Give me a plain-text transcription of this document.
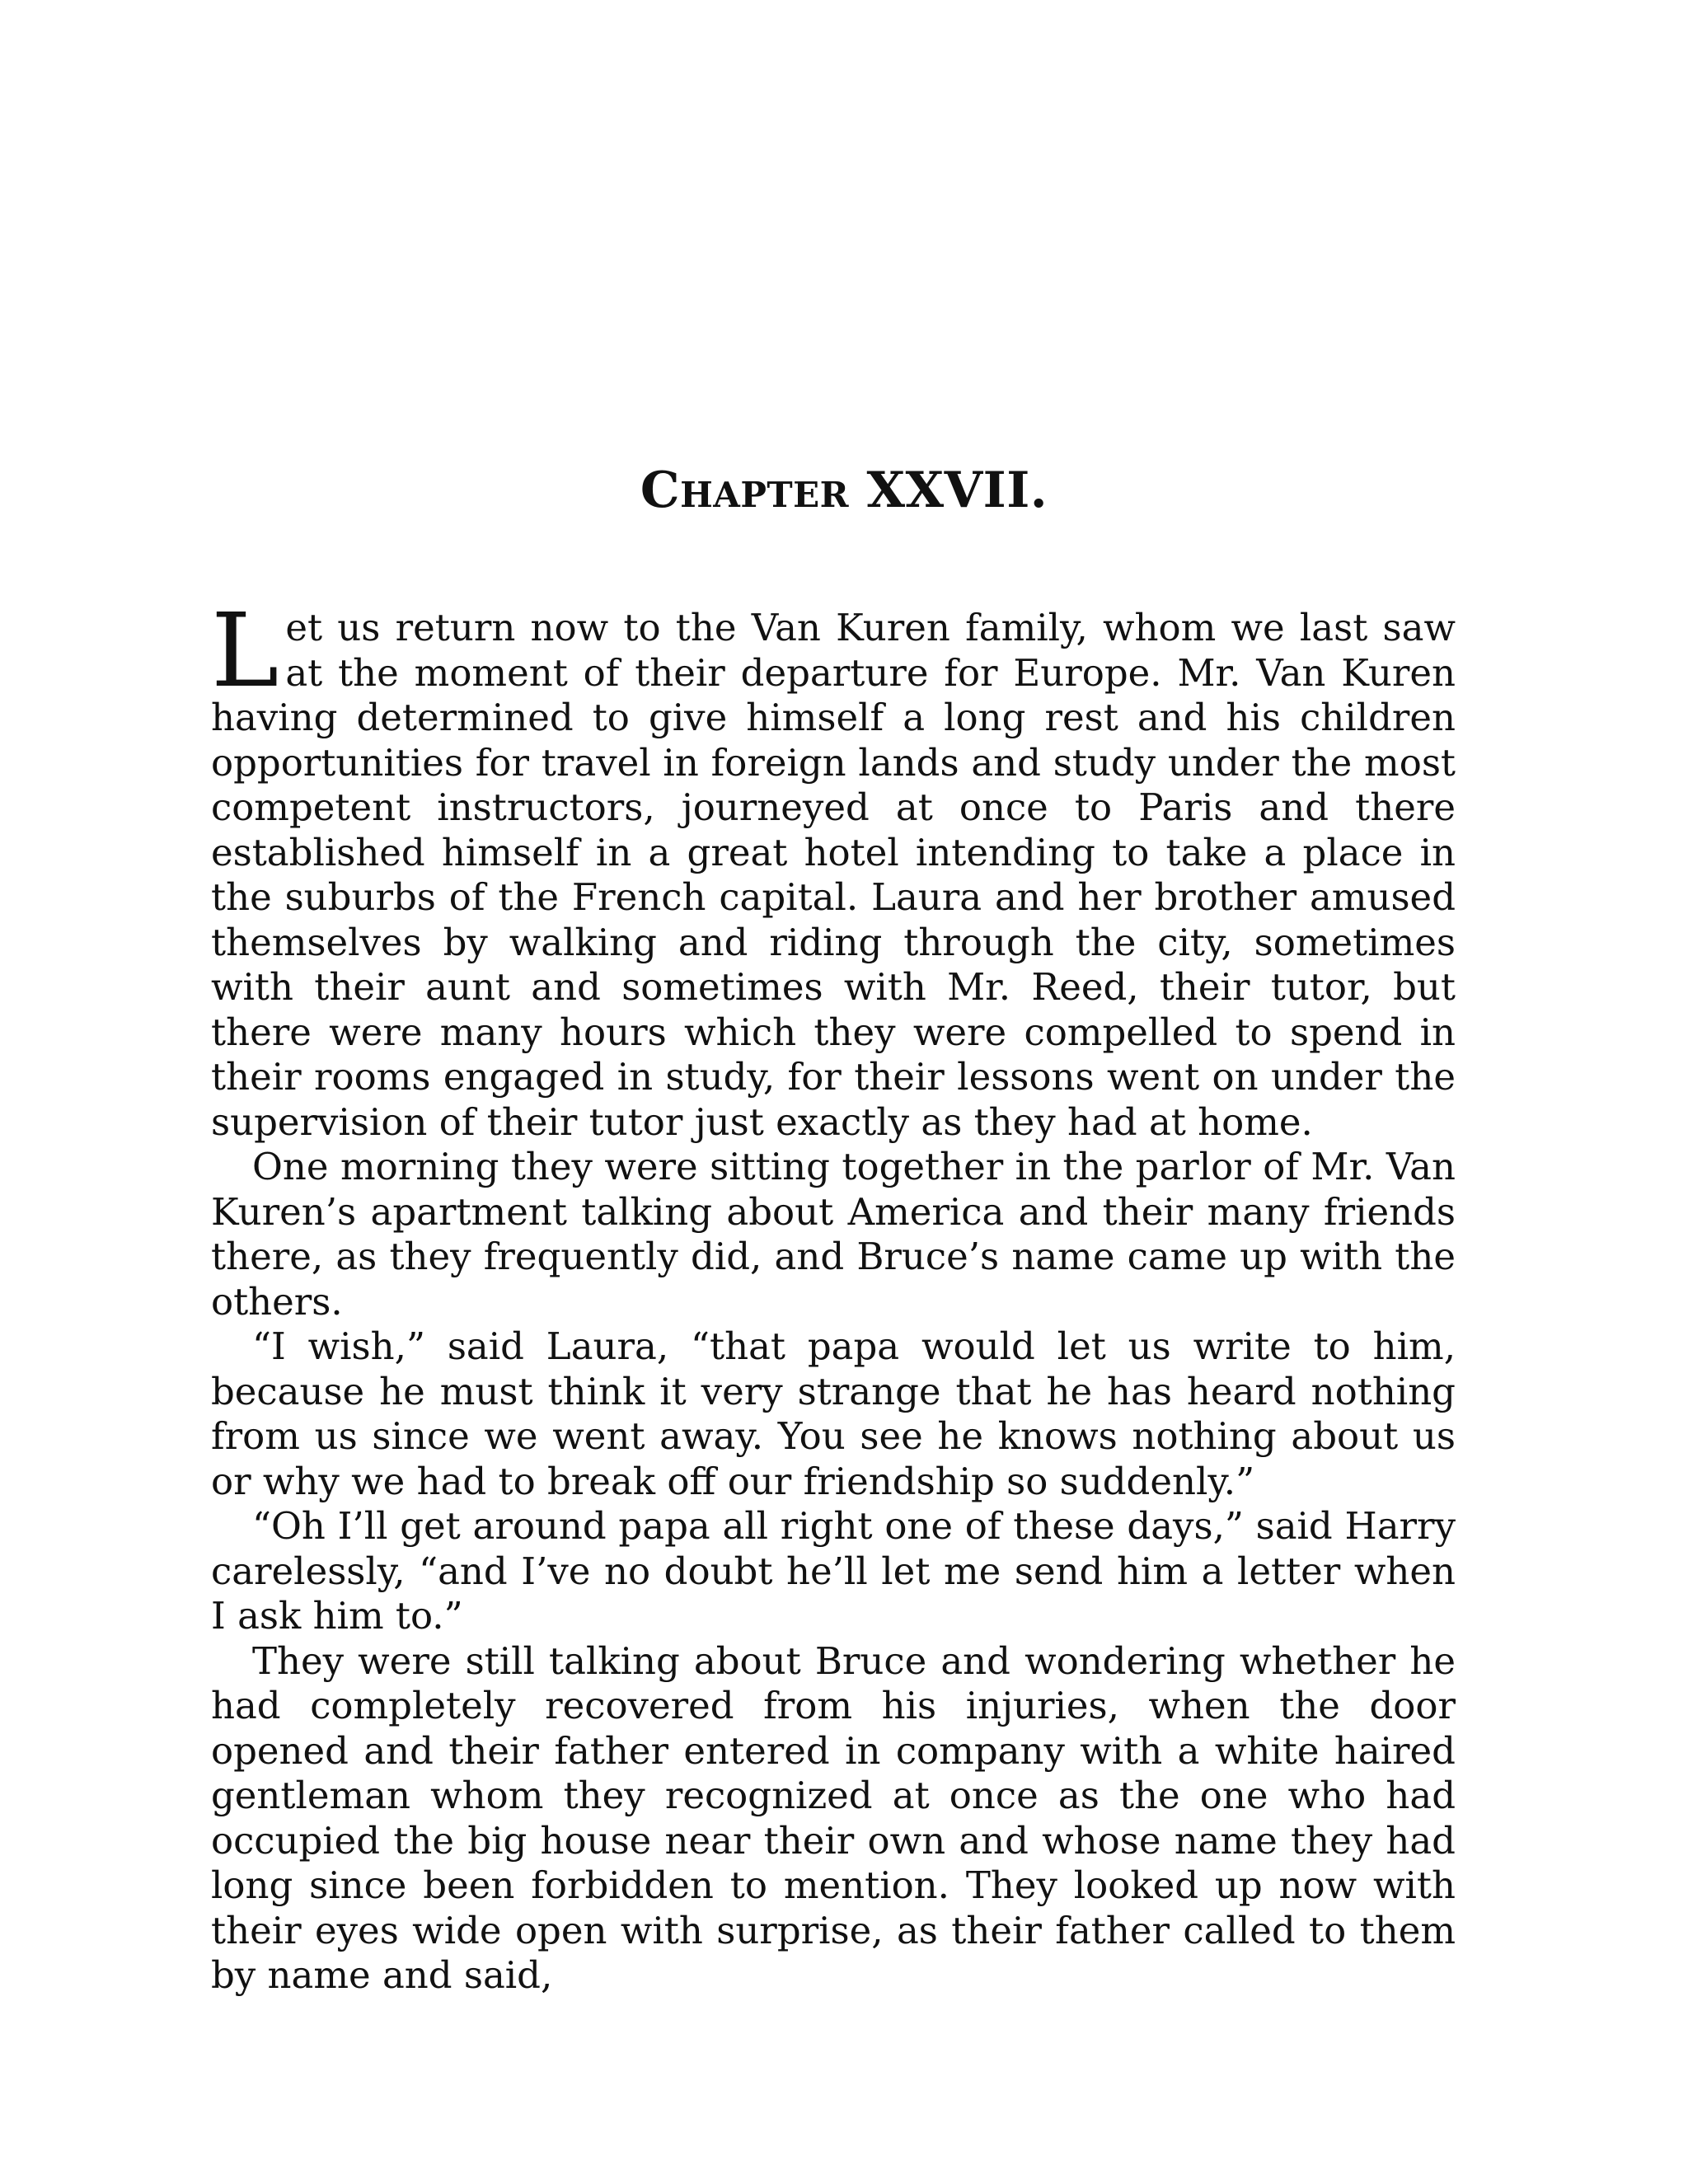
Chapter XXVII.

Let us return now to the Van Kuren family, whom we last saw at the moment of their departure for Europe. Mr. Van Kuren having determined to give himself a long rest and his children opportunities for travel in foreign lands and study under the most competent instructors, journeyed at once to Paris and there established himself in a great hotel intending to take a place in the suburbs of the French capital. Laura and her brother amused themselves by walking and riding through the city, sometimes with their aunt and sometimes with Mr. Reed, their tutor, but there were many hours which they were compelled to spend in their rooms engaged in study, for their lessons went on under the supervision of their tutor just exactly as they had at home.

One morning they were sitting together in the parlor of Mr. Van Kuren’s apartment talking about America and their many friends there, as they frequently did, and Bruce’s name came up with the others.

“I wish,” said Laura, “that papa would let us write to him, because he must think it very strange that he has heard nothing from us since we went away. You see he knows nothing about us or why we had to break off our friendship so suddenly.”

“Oh I’ll get around papa all right one of these days,” said Harry carelessly, “and I’ve no doubt he’ll let me send him a letter when I ask him to.”

They were still talking about Bruce and wondering whether he had completely recovered from his injuries, when the door opened and their father entered in company with a white haired gentleman whom they recognized at once as the one who had occupied the big house near their own and whose name they had long since been forbidden to mention. They looked up now with their eyes wide open with surprise, as their father called to them by name and said,
